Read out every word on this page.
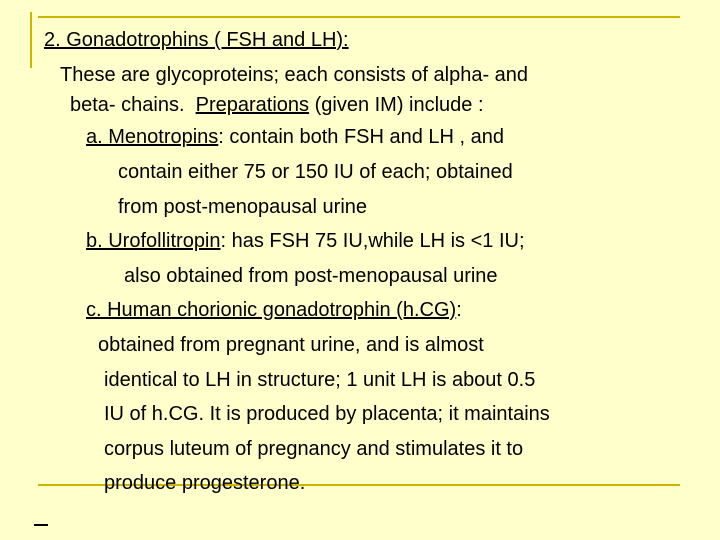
2. Gonadotrophins ( FSH and LH):
These are glycoproteins; each consists of alpha- and
beta- chains.  Preparations (given IM) include :
a. Menotropins: contain both FSH and LH , and
contain either 75 or 150 IU of each; obtained
from post-menopausal urine
b. Urofollitropin: has FSH 75 IU,while LH is <1 IU;
also obtained from post-menopausal urine
c. Human chorionic gonadotrophin (h.CG):
obtained from pregnant urine, and is almost
identical to LH in structure; 1 unit LH is about 0.5
IU of h.CG. It is produced by placenta; it maintains
corpus luteum of pregnancy and stimulates it to
produce progesterone.
